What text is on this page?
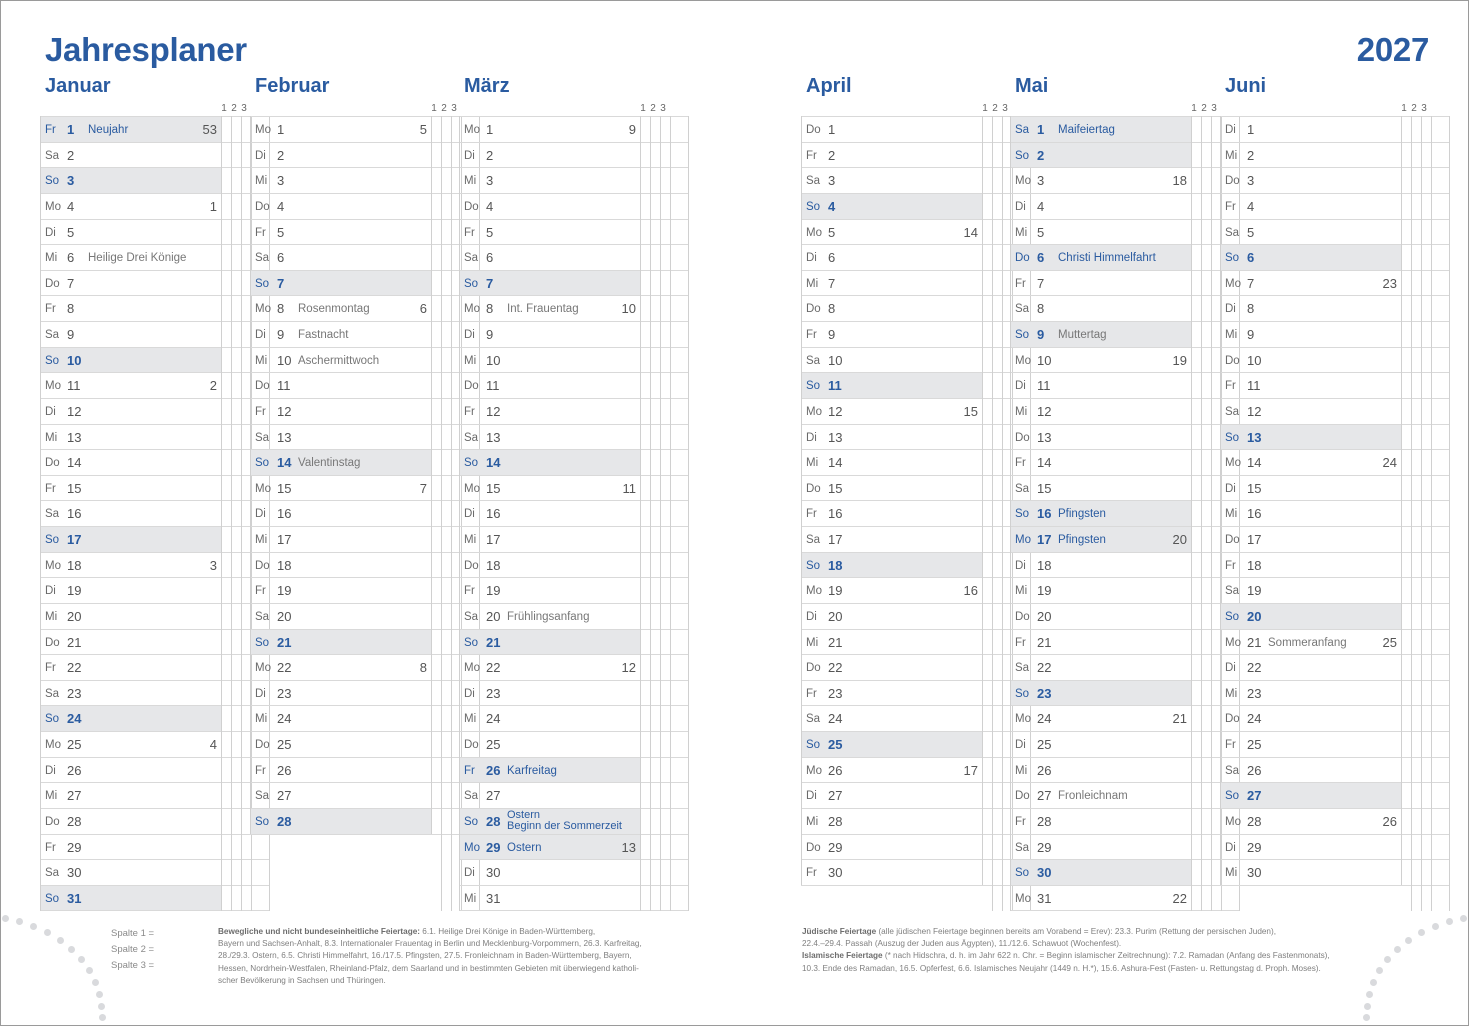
Jahresplaner	2027
Januar
1 2 3
Fr 1 Neujahr	53
Sa 2
So 3
Mo 4	1
Di 5
Mi 6 Heilige Drei Könige
Do 7
Fr 8
Sa 9
So 10
Mo 11	2
Di 12
Mi 13
Do 14
Fr 15
Sa 16
So 17
Mo 18	3
Di 19
Mi 20
Do 21
Fr 22
Sa 23
So 24
Mo 25	4
Di 26
Mi 27
Do 28
Fr 29
Sa 30
So 31
Februar
1 2 3
Mo 1	5
Di 2
Mi 3
Do 4
Fr 5
Sa 6
So 7
Mo 8 Rosenmontag	6
Di 9 Fastnacht
Mi 10 Aschermittwoch
Do 11
Fr 12
Sa 13
So 14 Valentinstag
Mo 15	7
Di 16
Mi 17
Do 18
Fr 19
Sa 20
So 21
Mo 22	8
Di 23
Mi 24
Do 25
Fr 26
Sa 27
So 28
März
1 2 3
Mo 1	9
Di 2
Mi 3
Do 4
Fr 5
Sa 6
So 7
Mo 8 Int. Frauentag	10
Di 9
Mi 10
Do 11
Fr 12
Sa 13
So 14
Mo 15	11
Di 16
Mi 17
Do 18
Fr 19
Sa 20 Frühlingsanfang
So 21
Mo 22	12
Di 23
Mi 24
Do 25
Fr 26 Karfreitag
Sa 27
So 28 Ostern
Beginn der Sommerzeit
Mo 29 Ostern	13
Di 30
Mi 31
April
1 2 3
Do 1
Fr 2
Sa 3
So 4
Mo 5	14
Di 6
Mi 7
Do 8
Fr 9
Sa 10
So 11
Mo 12	15
Di 13
Mi 14
Do 15
Fr 16
Sa 17
So 18
Mo 19	16
Di 20
Mi 21
Do 22
Fr 23
Sa 24
So 25
Mo 26	17
Di 27
Mi 28
Do 29
Fr 30
Mai
1 2 3
Sa 1 Maifeiertag
So 2
Mo 3	18
Di 4
Mi 5
Do 6 Christi Himmelfahrt
Fr 7
Sa 8
So 9 Muttertag
Mo 10	19
Di 11
Mi 12
Do 13
Fr 14
Sa 15
So 16 Pfingsten
Mo 17 Pfingsten	20
Di 18
Mi 19
Do 20
Fr 21
Sa 22
So 23
Mo 24	21
Di 25
Mi 26
Do 27 Fronleichnam
Fr 28
Sa 29
So 30
Mo 31	22
Juni
1 2 3
Di 1
Mi 2
Do 3
Fr 4
Sa 5
So 6
Mo 7	23
Di 8
Mi 9
Do 10
Fr 11
Sa 12
So 13
Mo 14	24
Di 15
Mi 16
Do 17
Fr 18
Sa 19
So 20
Mo 21 Sommeranfang	25
Di 22
Mi 23
Do 24
Fr 25
Sa 26
So 27
Mo 28	26
Di 29
Mi 30
Spalte 1 =
Spalte 2 =
Spalte 3 =
Bewegliche und nicht bundeseinheitliche Feiertage: 6.1. Heilige Drei Könige in Baden-Württemberg,
Bayern und Sachsen-Anhalt, 8.3. Internationaler Frauentag in Berlin und Mecklenburg-Vorpommern, 26.3. Karfreitag,
28./29.3. Ostern, 6.5. Christi Himmelfahrt, 16./17.5. Pfingsten, 27.5. Fronleichnam in Baden-Württemberg, Bayern,
Hessen, Nordrhein-Westfalen, Rheinland-Pfalz, dem Saarland und in bestimmten Gebieten mit überwiegend katholi-
scher Bevölkerung in Sachsen und Thüringen.
Jüdische Feiertage (alle jüdischen Feiertage beginnen bereits am Vorabend = Erev): 23.3. Purim (Rettung der persischen Juden),
22.4.–29.4. Passah (Auszug der Juden aus Ägypten), 11./12.6. Schawuot (Wochenfest).
Islamische Feiertage (* nach Hidschra, d. h. im Jahr 622 n. Chr. = Beginn islamischer Zeitrechnung): 7.2. Ramadan (Anfang des Fastenmonats),
10.3. Ende des Ramadan, 16.5. Opferfest, 6.6. Islamisches Neujahr (1449 n. H.*), 15.6. Ashura-Fest (Fasten- u. Rettungstag d. Proph. Moses).
